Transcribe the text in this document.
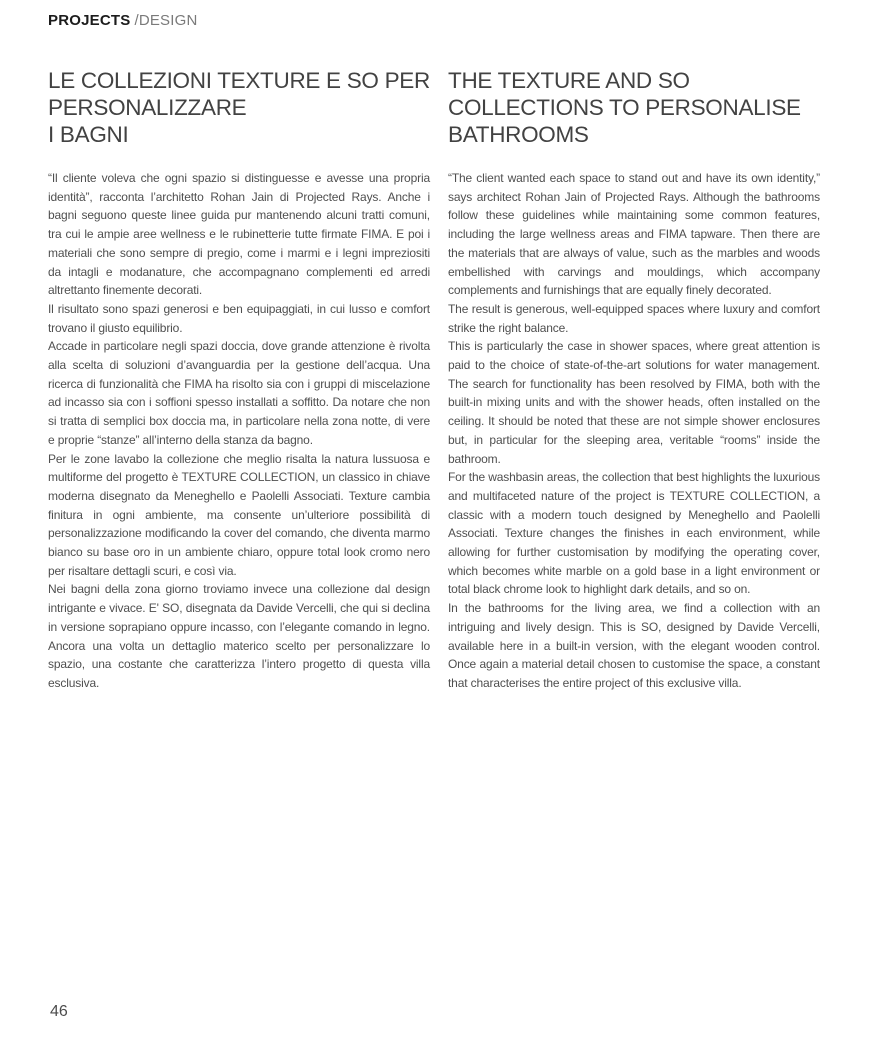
PROJECTS /DESIGN
LE COLLEZIONI TEXTURE E SO PER
PERSONALIZZARE
I BAGNI
THE TEXTURE AND SO
COLLECTIONS TO PERSONALISE
BATHROOMS

“Il cliente voleva che ogni spazio si distinguesse e avesse una propria identità”, racconta l’architetto Rohan Jain di Projected Rays. Anche i bagni seguono queste linee guida pur mantenendo alcuni tratti comuni, tra cui le ampie aree wellness e le rubinetterie tutte firmate FIMA. E poi i materiali che sono sempre di pregio, come i marmi e i legni impreziositi da intagli e modanature, che accompagnano complementi ed arredi altrettanto finemente decorati.

Il risultato sono spazi generosi e ben equipaggiati, in cui lusso e comfort trovano il giusto equilibrio.

Accade in particolare negli spazi doccia, dove grande attenzione è rivolta alla scelta di soluzioni d’avanguardia per la gestione dell’acqua. Una ricerca di funzionalità che FIMA ha risolto sia con i gruppi di miscelazione ad incasso sia con i soffioni spesso installati a soffitto. Da notare che non si tratta di semplici box doccia ma, in particolare nella zona notte, di vere e proprie “stanze” all’interno della stanza da bagno.

Per le zone lavabo la collezione che meglio risalta la natura lussuosa e multiforme del progetto è TEXTURE COLLECTION, un classico in chiave moderna disegnato da Meneghello e Paolelli Associati. Texture cambia finitura in ogni ambiente, ma consente un’ulteriore possibilità di personalizzazione modificando la cover del comando, che diventa marmo bianco su base oro in un ambiente chiaro, oppure total look cromo nero per risaltare dettagli scuri, e così via.

Nei bagni della zona giorno troviamo invece una collezione dal design intrigante e vivace. E' SO, disegnata da Davide Vercelli, che qui si declina in versione soprapiano oppure incasso, con l’elegante comando in legno. Ancora una volta un dettaglio materico scelto per personalizzare lo spazio, una costante che caratterizza l’intero progetto di questa villa esclusiva.

“The client wanted each space to stand out and have its own identity,” says architect Rohan Jain of Projected Rays. Although the bathrooms follow these guidelines while maintaining some common features, including the large wellness areas and FIMA tapware. Then there are the materials that are always of value, such as the marbles and woods embellished with carvings and mouldings, which accompany complements and furnishings that are equally finely decorated.

The result is generous, well-equipped spaces where luxury and comfort strike the right balance.

This is particularly the case in shower spaces, where great attention is paid to the choice of state-of-the-art solutions for water management. The search for functionality has been resolved by FIMA, both with the built-in mixing units and with the shower heads, often installed on the ceiling. It should be noted that these are not simple shower enclosures but, in particular for the sleeping area, veritable “rooms” inside the bathroom.

For the washbasin areas, the collection that best highlights the luxurious and multifaceted nature of the project is TEXTURE COLLECTION, a classic with a modern touch designed by Meneghello and Paolelli Associati. Texture changes the finishes in each environment, while allowing for further customisation by modifying the operating cover, which becomes white marble on a gold base in a light environment or total black chrome look to highlight dark details, and so on.

In the bathrooms for the living area, we find a collection with an intriguing and lively design. This is SO, designed by Davide Vercelli, available here in a built-in version, with the elegant wooden control. Once again a material detail chosen to customise the space, a constant that characterises the entire project of this exclusive villa.

46
